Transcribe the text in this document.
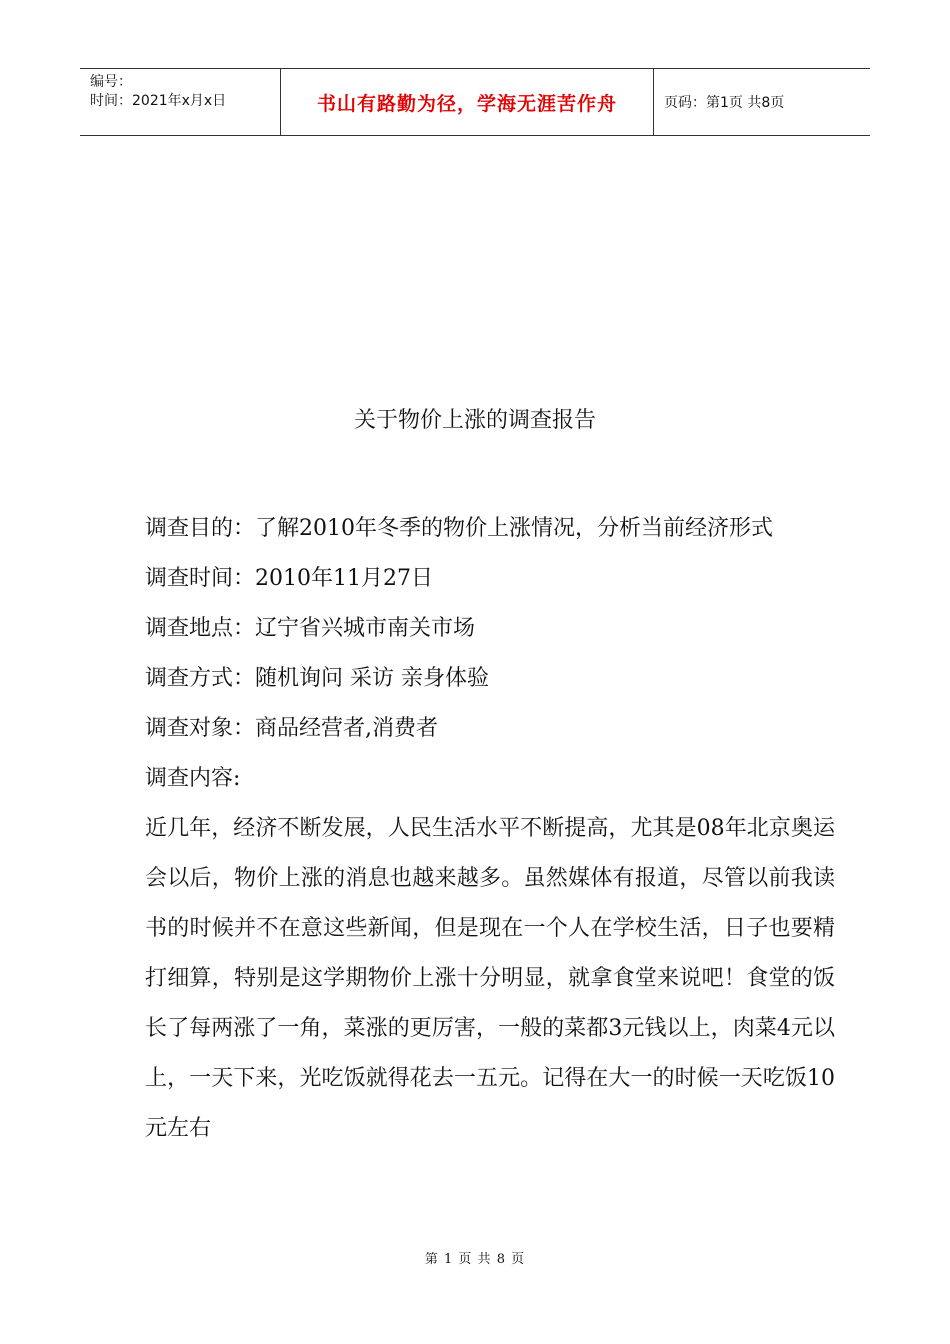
编号：
时间：2021年x月x日	书山有路勤为径，学海无涯苦作舟	页码：第1页 共8页
关于物价上涨的调查报告

调查目的：了解2010年冬季的物价上涨情况，分析当前经济形式

调查时间：2010年11月27日

调查地点：辽宁省兴城市南关市场

调查方式：随机询问 采访 亲身体验

调查对象：商品经营者,消费者

调查内容:

近几年，经济不断发展，人民生活水平不断提高，尤其是08年北京奥运会以后，物价上涨的消息也越来越多。虽然媒体有报道，尽管以前我读书的时候并不在意这些新闻，但是现在一个人在学校生活，日子也要精打细算，特别是这学期物价上涨十分明显，就拿食堂来说吧！食堂的饭长了每两涨了一角，菜涨的更厉害，一般的菜都3元钱以上，肉菜4元以上，一天下来，光吃饭就得花去一五元。记得在大一的时候一天吃饭10元左右

第 1 页 共 8 页
